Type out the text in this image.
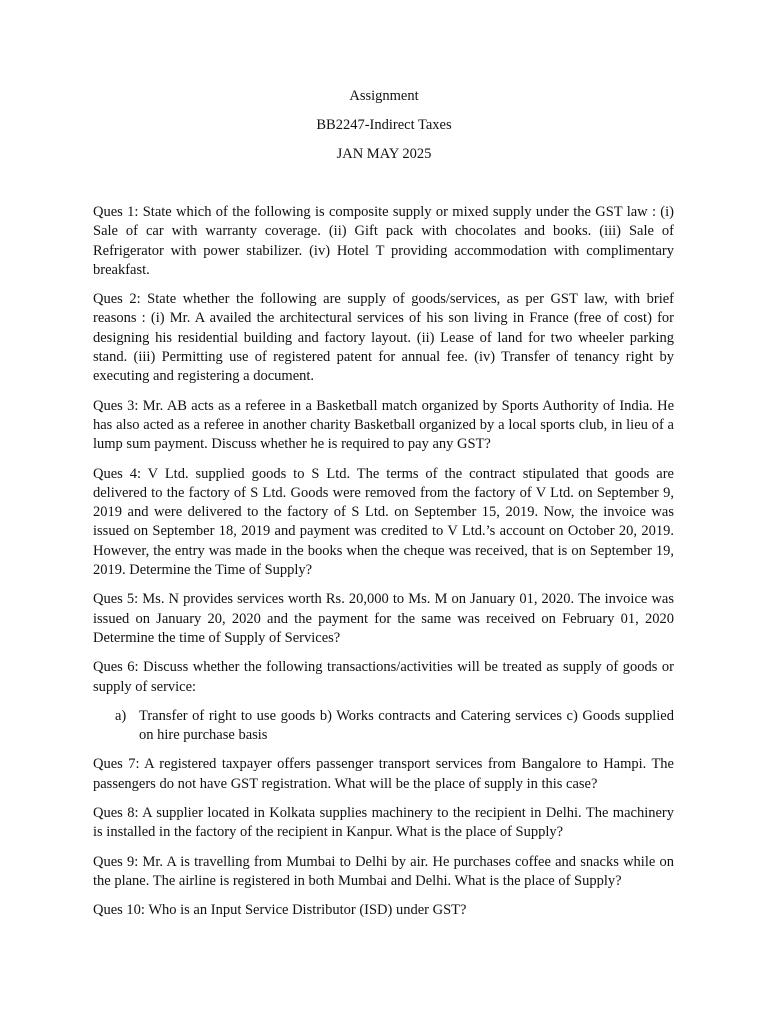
Assignment
BB2247-Indirect Taxes
JAN MAY 2025

Ques 1: State which of the following is composite supply or mixed supply under the GST law : (i) Sale of car with warranty coverage. (ii) Gift pack with chocolates and books. (iii) Sale of Refrigerator with power stabilizer. (iv) Hotel T providing accommodation with complimentary breakfast.

Ques 2: State whether the following are supply of goods/services, as per GST law, with brief reasons : (i) Mr. A availed the architectural services of his son living in France (free of cost) for designing his residential building and factory layout. (ii) Lease of land for two wheeler parking stand. (iii) Permitting use of registered patent for annual fee. (iv) Transfer of tenancy right by executing and registering a document.

Ques 3: Mr. AB acts as a referee in a Basketball match organized by Sports Authority of India. He has also acted as a referee in another charity Basketball organized by a local sports club, in lieu of a lump sum payment. Discuss whether he is required to pay any GST?

Ques 4: V Ltd. supplied goods to S Ltd. The terms of the contract stipulated that goods are delivered to the factory of S Ltd. Goods were removed from the factory of V Ltd. on September 9, 2019 and were delivered to the factory of S Ltd. on September 15, 2019. Now, the invoice was issued on September 18, 2019 and payment was credited to V Ltd.’s account on October 20, 2019. However, the entry was made in the books when the cheque was received, that is on September 19, 2019. Determine the Time of Supply?

Ques 5: Ms. N provides services worth Rs. 20,000 to Ms. M on January 01, 2020. The invoice was issued on January 20, 2020 and the payment for the same was received on February 01, 2020 Determine the time of Supply of Services?

Ques 6: Discuss whether the following transactions/activities will be treated as supply of goods or supply of service:

a) Transfer of right to use goods b) Works contracts and Catering services c) Goods supplied on hire purchase basis

Ques 7: A registered taxpayer offers passenger transport services from Bangalore to Hampi. The passengers do not have GST registration. What will be the place of supply in this case?

Ques 8: A supplier located in Kolkata supplies machinery to the recipient in Delhi. The machinery is installed in the factory of the recipient in Kanpur. What is the place of Supply?

Ques 9: Mr. A is travelling from Mumbai to Delhi by air. He purchases coffee and snacks while on the plane. The airline is registered in both Mumbai and Delhi. What is the place of Supply?

Ques 10: Who is an Input Service Distributor (ISD) under GST?
